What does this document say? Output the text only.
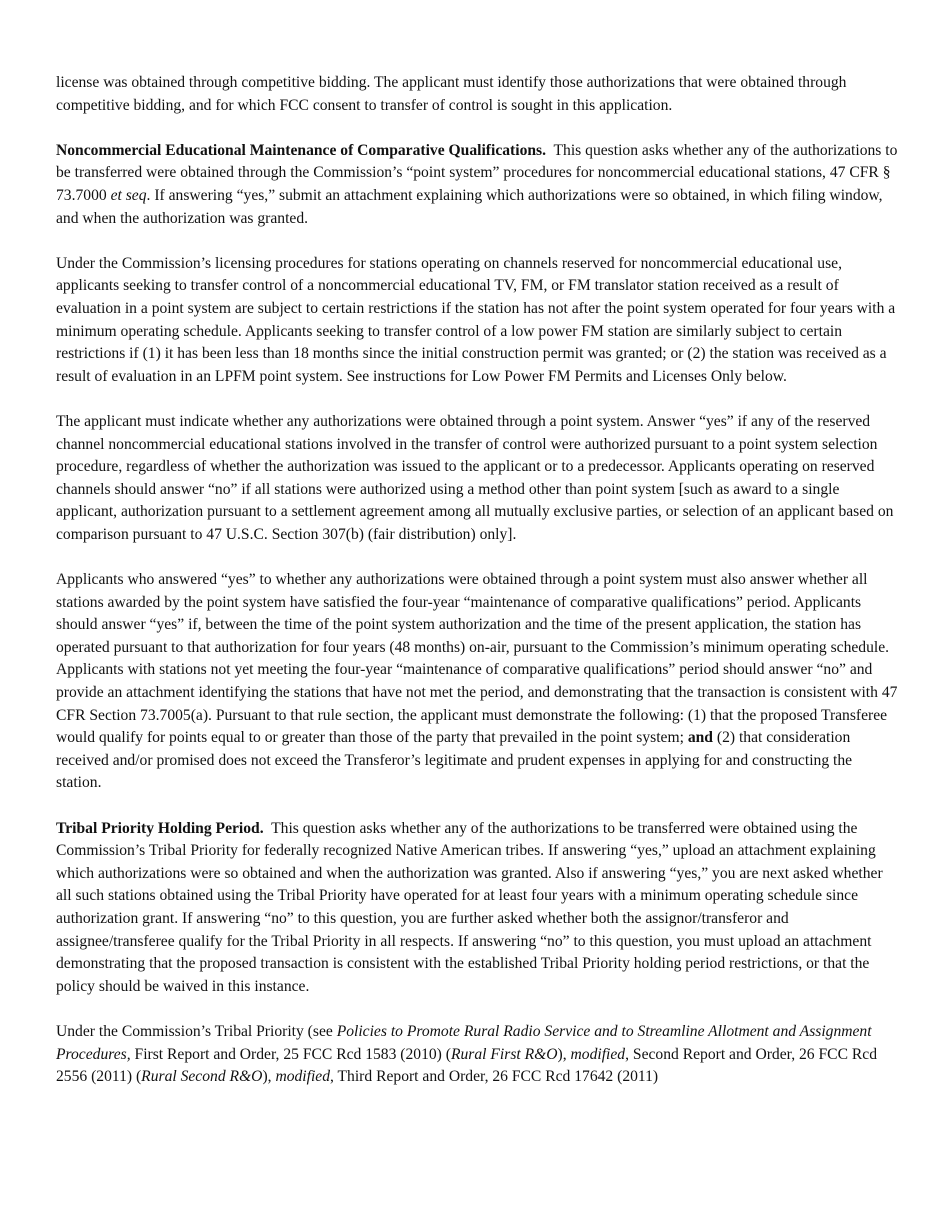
license was obtained through competitive bidding. The applicant must identify those authorizations that were obtained through competitive bidding, and for which FCC consent to transfer of control is sought in this application.

Noncommercial Educational Maintenance of Comparative Qualifications. This question asks whether any of the authorizations to be transferred were obtained through the Commission’s “point system” procedures for noncommercial educational stations, 47 CFR § 73.7000 et seq. If answering “yes,” submit an attachment explaining which authorizations were so obtained, in which filing window, and when the authorization was granted.

Under the Commission’s licensing procedures for stations operating on channels reserved for noncommercial educational use, applicants seeking to transfer control of a noncommercial educational TV, FM, or FM translator station received as a result of evaluation in a point system are subject to certain restrictions if the station has not after the point system operated for four years with a minimum operating schedule. Applicants seeking to transfer control of a low power FM station are similarly subject to certain restrictions if (1) it has been less than 18 months since the initial construction permit was granted; or (2) the station was received as a result of evaluation in an LPFM point system. See instructions for Low Power FM Permits and Licenses Only below.

The applicant must indicate whether any authorizations were obtained through a point system. Answer “yes” if any of the reserved channel noncommercial educational stations involved in the transfer of control were authorized pursuant to a point system selection procedure, regardless of whether the authorization was issued to the applicant or to a predecessor. Applicants operating on reserved channels should answer “no” if all stations were authorized using a method other than point system [such as award to a single applicant, authorization pursuant to a settlement agreement among all mutually exclusive parties, or selection of an applicant based on comparison pursuant to 47 U.S.C. Section 307(b) (fair distribution) only].

Applicants who answered “yes” to whether any authorizations were obtained through a point system must also answer whether all stations awarded by the point system have satisfied the four-year “maintenance of comparative qualifications” period. Applicants should answer “yes” if, between the time of the point system authorization and the time of the present application, the station has operated pursuant to that authorization for four years (48 months) on-air, pursuant to the Commission’s minimum operating schedule. Applicants with stations not yet meeting the four-year “maintenance of comparative qualifications” period should answer “no” and provide an attachment identifying the stations that have not met the period, and demonstrating that the transaction is consistent with 47 CFR Section 73.7005(a). Pursuant to that rule section, the applicant must demonstrate the following: (1) that the proposed Transferee would qualify for points equal to or greater than those of the party that prevailed in the point system; and (2) that consideration received and/or promised does not exceed the Transferor’s legitimate and prudent expenses in applying for and constructing the station.

Tribal Priority Holding Period. This question asks whether any of the authorizations to be transferred were obtained using the Commission’s Tribal Priority for federally recognized Native American tribes. If answering “yes,” upload an attachment explaining which authorizations were so obtained and when the authorization was granted. Also if answering “yes,” you are next asked whether all such stations obtained using the Tribal Priority have operated for at least four years with a minimum operating schedule since authorization grant. If answering “no” to this question, you are further asked whether both the assignor/transferor and assignee/transferee qualify for the Tribal Priority in all respects. If answering “no” to this question, you must upload an attachment demonstrating that the proposed transaction is consistent with the established Tribal Priority holding period restrictions, or that the policy should be waived in this instance.

Under the Commission’s Tribal Priority (see Policies to Promote Rural Radio Service and to Streamline Allotment and Assignment Procedures, First Report and Order, 25 FCC Rcd 1583 (2010) (Rural First R&O), modified, Second Report and Order, 26 FCC Rcd 2556 (2011) (Rural Second R&O), modified, Third Report and Order, 26 FCC Rcd 17642 (2011)
